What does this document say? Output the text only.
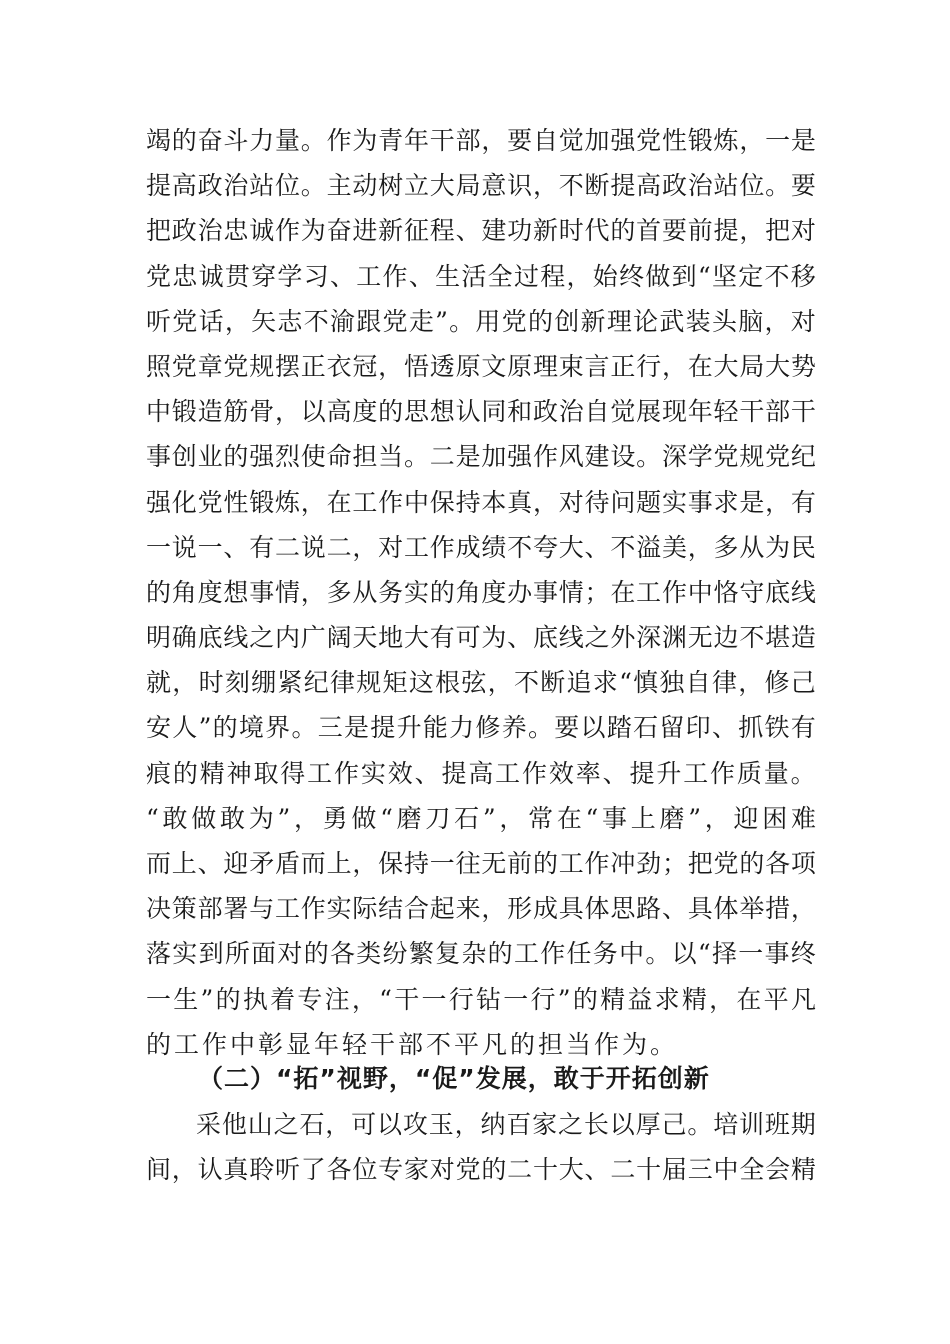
竭 的 奋 斗 力 量 。 作 为 青 年 干 部 ， 要 自 觉 加 强 党 性 锻 炼 ， 一 是
提 高 政 治 站 位 。 主 动 树 立 大 局 意 识 ， 不 断 提 高 政 治 站 位 。 要
把 政 治 忠 诚 作 为 奋 进 新 征 程 、 建 功 新 时 代 的 首 要 前 提 ， 把 对
党 忠 诚 贯 穿 学 习 、 工 作 、 生 活 全 过 程 ， 始 终 做 到 “ 坚 定 不 移
听 党 话 ， 矢 志 不 渝 跟 党 走 ” 。 用 党 的 创 新 理 论 武 装 头 脑 ， 对
照 党 章 党 规 摆 正 衣 冠 ， 悟 透 原 文 原 理 束 言 正 行 ， 在 大 局 大 势
中 锻 造 筋 骨 ， 以 高 度 的 思 想 认 同 和 政 治 自 觉 展 现 年 轻 干 部 干
事 创 业 的 强 烈 使 命 担 当 。 二 是 加 强 作 风 建 设 。 深 学 党 规 党 纪
强 化 党 性 锻 炼 ， 在 工 作 中 保 持 本 真 ， 对 待 问 题 实 事 求 是 ， 有
一 说 一 、 有 二 说 二 ， 对 工 作 成 绩 不 夸 大 、 不 溢 美 ， 多 从 为 民
的 角 度 想 事 情 ， 多 从 务 实 的 角 度 办 事 情 ； 在 工 作 中 恪 守 底 线
明 确 底 线 之 内 广 阔 天 地 大 有 可 为 、 底 线 之 外 深 渊 无 边 不 堪 造
就 ， 时 刻 绷 紧 纪 律 规 矩 这 根 弦 ， 不 断 追 求 “ 慎 独 自 律 ， 修 己
安 人 ” 的 境 界 。 三 是 提 升 能 力 修 养 。 要 以 踏 石 留 印 、 抓 铁 有
痕 的 精 神 取 得 工 作 实 效 、 提 高 工 作 效 率 、 提 升 工 作 质 量 。
“ 敢 做 敢 为 ” ， 勇 做 “ 磨 刀 石 ” ， 常 在 “ 事 上 磨 ” ， 迎 困 难
而 上 、 迎 矛 盾 而 上 ， 保 持 一 往 无 前 的 工 作 冲 劲 ； 把 党 的 各 项
决 策 部 署 与 工 作 实 际 结 合 起 来 ， 形 成 具 体 思 路 、 具 体 举 措 ，
落 实 到 所 面 对 的 各 类 纷 繁 复 杂 的 工 作 任 务 中 。 以 “ 择 一 事 终
一 生 ” 的 执 着 专 注 ， “ 干 一 行 钻 一 行 ” 的 精 益 求 精 ， 在 平 凡
的工作中彰显年轻干部不平凡的担当作为。
（二）“拓”视野，“促”发展，敢于开拓创新
采 他 山 之 石 ， 可 以 攻 玉 ， 纳 百 家 之 长 以 厚 己 。 培 训 班 期
间 ， 认 真 聆 听 了 各 位 专 家 对 党 的 二 十 大 、 二 十 届 三 中 全 会 精
